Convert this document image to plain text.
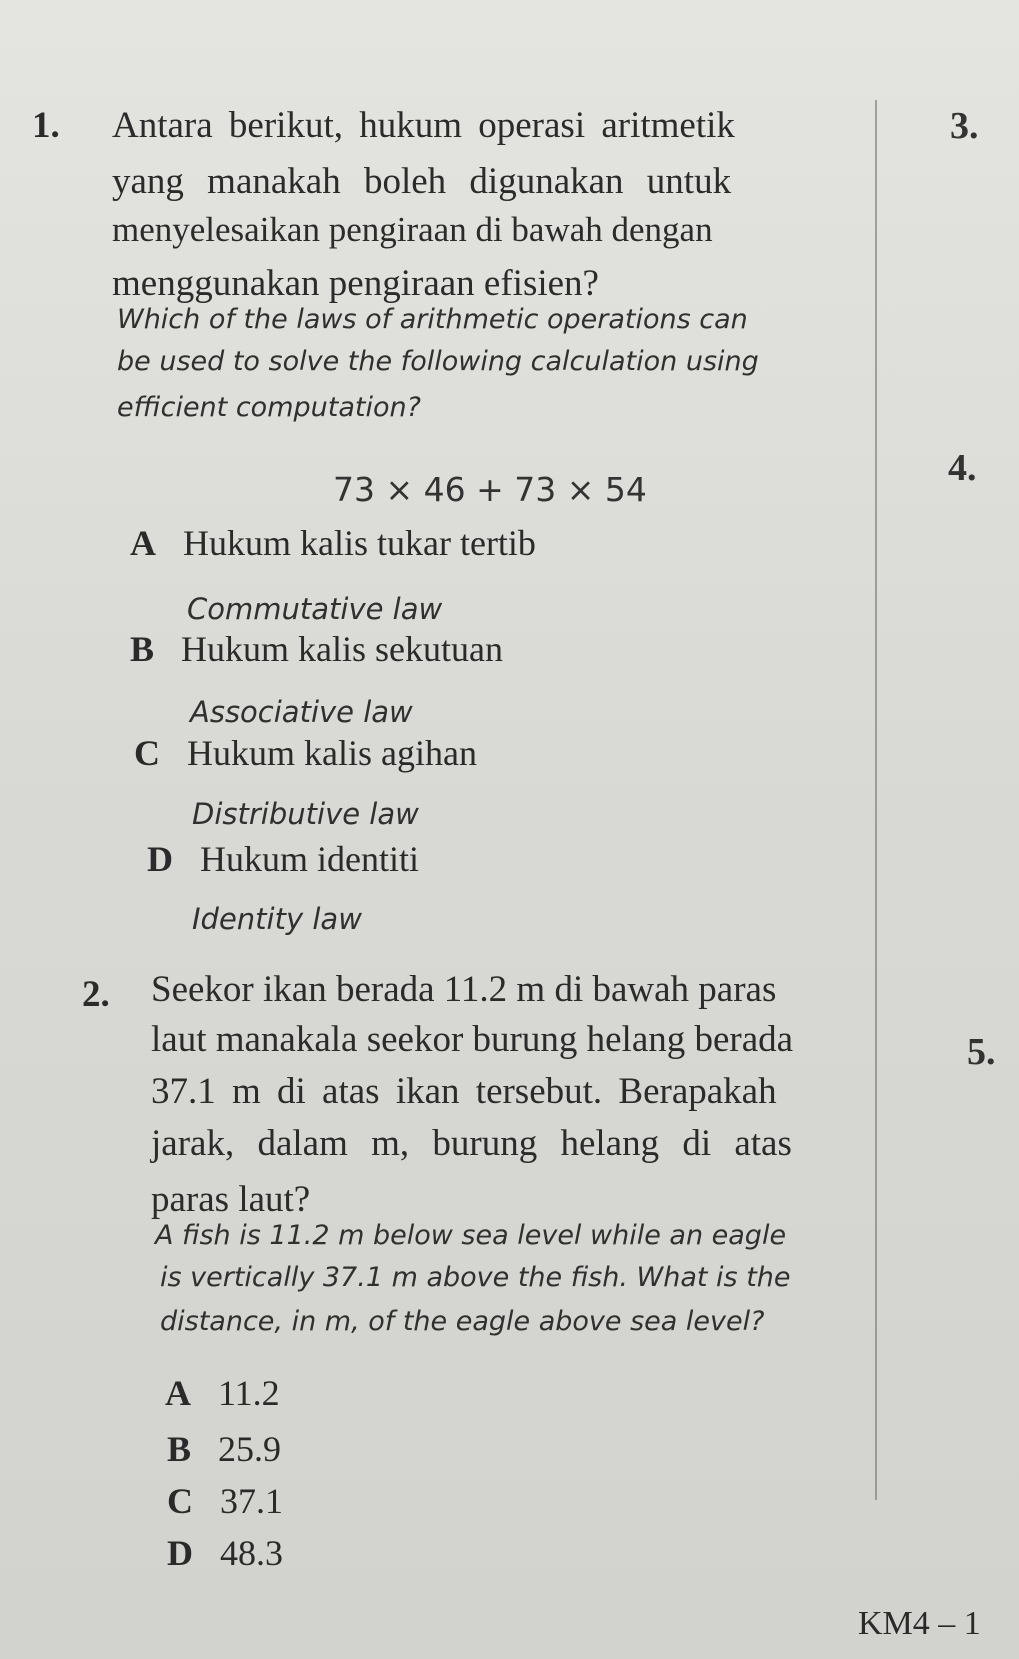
1. Antara berikut, hukum operasi aritmetik
yang manakah boleh digunakan untuk
menyelesaikan pengiraan di bawah dengan
menggunakan pengiraan efisien?
Which of the laws of arithmetic operations can
be used to solve the following calculation using
efficient computation?
73 × 46 + 73 × 54
A Hukum kalis tukar tertib
Commutative law
B Hukum kalis sekutuan
Associative law
C Hukum kalis agihan
Distributive law
D Hukum identiti
Identity law
2. Seekor ikan berada 11.2 m di bawah paras
laut manakala seekor burung helang berada
37.1 m di atas ikan tersebut. Berapakah
jarak, dalam m, burung helang di atas
paras laut?
A fish is 11.2 m below sea level while an eagle
is vertically 37.1 m above the fish. What is the
distance, in m, of the eagle above sea level?
A 11.2
B 25.9
C 37.1
D 48.3
3.
4.
5.
KM4 – 1
